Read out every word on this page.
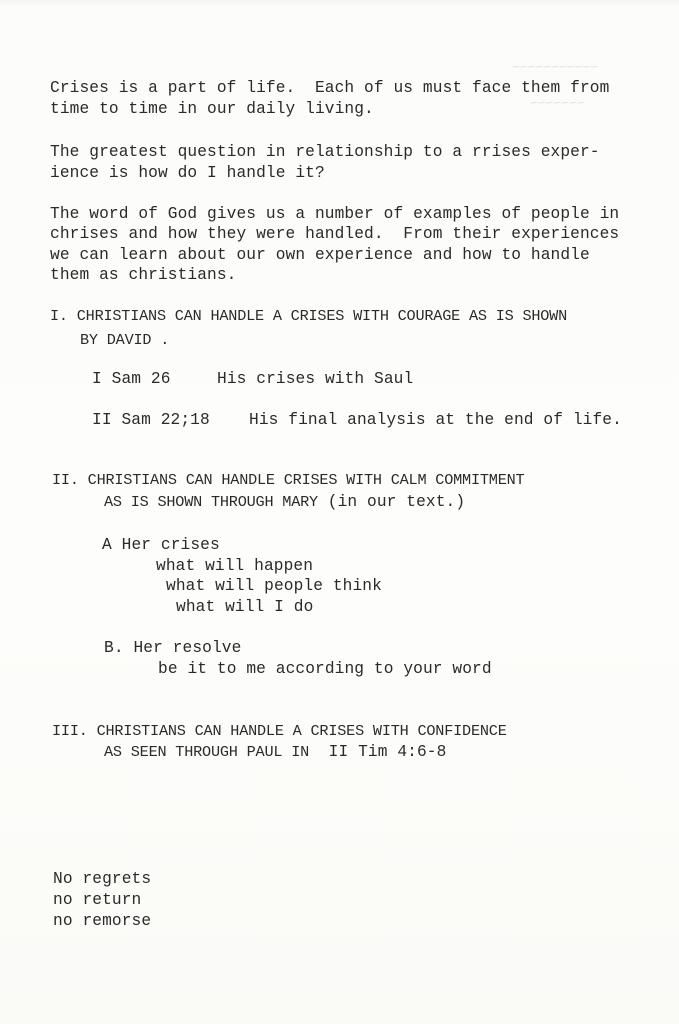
~~~~~~~~~~~
~~~~~~~
Crises is a part of life.  Each of us must face them from
time to time in our daily living.
The greatest question in relationship to a rrises exper-
ience is how do I handle it?
The word of God gives us a number of examples of people in
chrises and how they were handled.  From their experiences
we can learn about our own experience and how to handle
them as christians.
I. CHRISTIANS CAN HANDLE A CRISES WITH COURAGE AS IS SHOWN
BY DAVID .
I Sam 26	His crises with Saul
II Sam 22;18 His final analysis at the end of life.
II. CHRISTIANS CAN HANDLE CRISES WITH CALM COMMITMENT
AS IS SHOWN THROUGH MARY (in our text.)
A Her crises
what will happen
what will people think
what will I do
B. Her resolve
be it to me according to your word
III. CHRISTIANS CAN HANDLE A CRISES WITH CONFIDENCE
AS SEEN THROUGH PAUL IN  II Tim 4:6-8
No regrets
no return
no remorse
